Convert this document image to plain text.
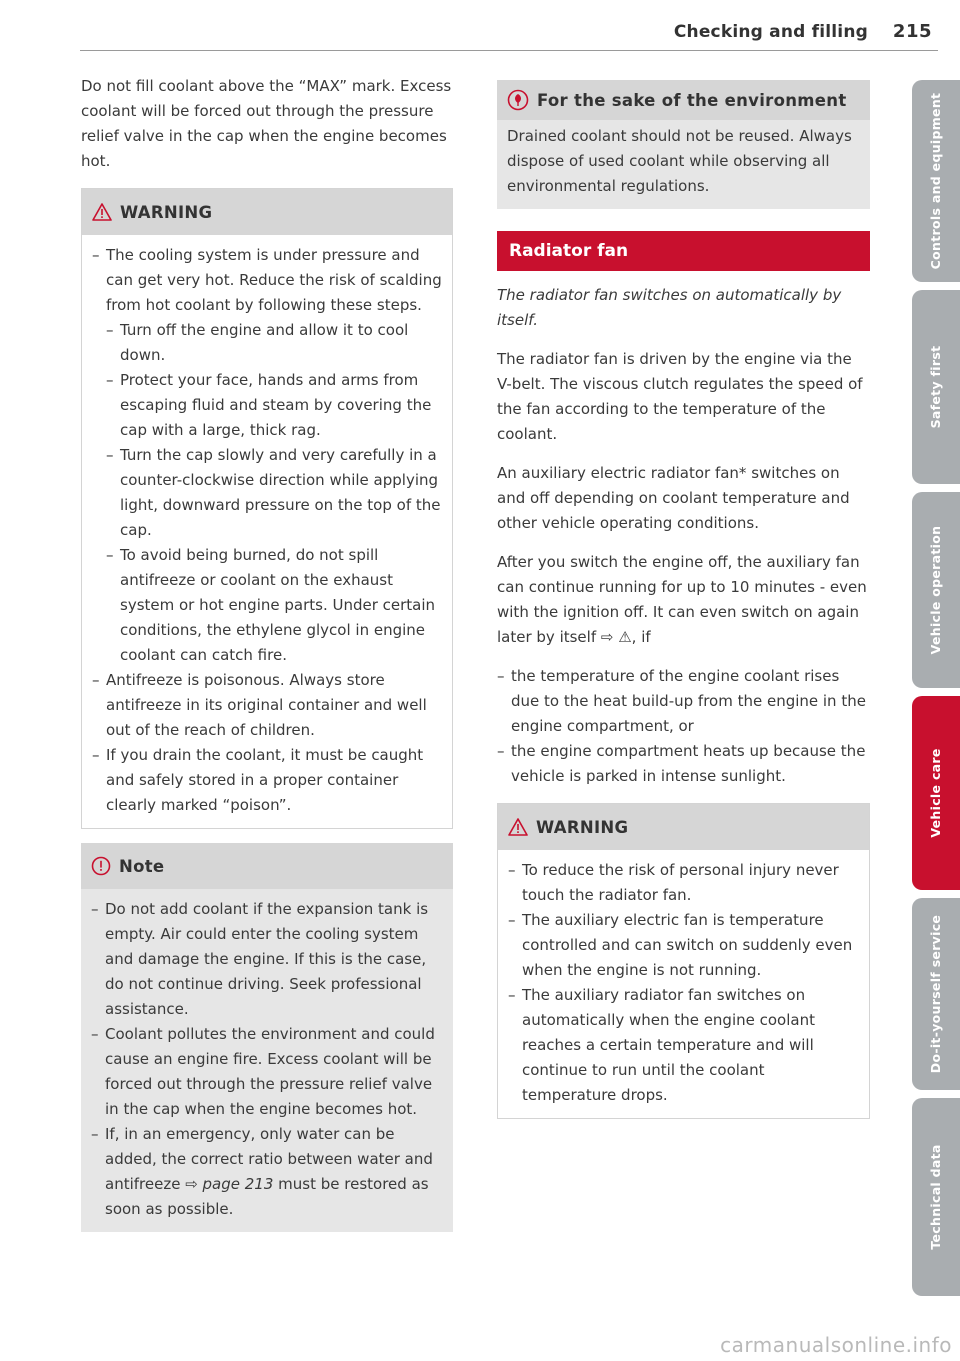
Checking and filling 215

Do not fill coolant above the “MAX” mark. Excess coolant will be forced out through the pressure relief valve in the cap when the engine becomes hot.

WARNING
– The cooling system is under pressure and can get very hot. Reduce the risk of scalding from hot coolant by following these steps.
– Turn off the engine and allow it to cool down.
– Protect your face, hands and arms from escaping fluid and steam by covering the cap with a large, thick rag.
– Turn the cap slowly and very carefully in a counter-clockwise direction while applying light, downward pressure on the top of the cap.
– To avoid being burned, do not spill antifreeze or coolant on the exhaust system or hot engine parts. Under certain conditions, the ethylene glycol in engine coolant can catch fire.
– Antifreeze is poisonous. Always store antifreeze in its original container and well out of the reach of children.
– If you drain the coolant, it must be caught and safely stored in a proper container clearly marked “poison”.
Note
– Do not add coolant if the expansion tank is empty. Air could enter the cooling system and damage the engine. If this is the case, do not continue driving. Seek professional assistance.
– Coolant pollutes the environment and could cause an engine fire. Excess coolant will be forced out through the pressure relief valve in the cap when the engine becomes hot.
– If, in an emergency, only water can be added, the correct ratio between water and antifreeze ⇨ page 213 must be restored as soon as possible.
For the sake of the environment

Drained coolant should not be reused. Always dispose of used coolant while observing all environmental regulations.

Radiator fan
The radiator fan switches on automatically by itself.

The radiator fan is driven by the engine via the V-belt. The viscous clutch regulates the speed of the fan according to the temperature of the coolant.

An auxiliary electric radiator fan* switches on and off depending on coolant temperature and other vehicle operating conditions.

After you switch the engine off, the auxiliary fan can continue running for up to 10 minutes - even with the ignition off. It can even switch on again later by itself ⇨ ⚠, if

– the temperature of the engine coolant rises due to the heat build-up from the engine in the engine compartment, or
– the engine compartment heats up because the vehicle is parked in intense sunlight.
WARNING
– To reduce the risk of personal injury never touch the radiator fan.
– The auxiliary electric fan is temperature controlled and can switch on suddenly even when the engine is not running.
– The auxiliary radiator fan switches on automatically when the engine coolant reaches a certain temperature and will continue to run until the coolant temperature drops.
Controls and equipment
Safety first
Vehicle operation
Vehicle care
Do-it-yourself service
Technical data
carmanualsonline.info
